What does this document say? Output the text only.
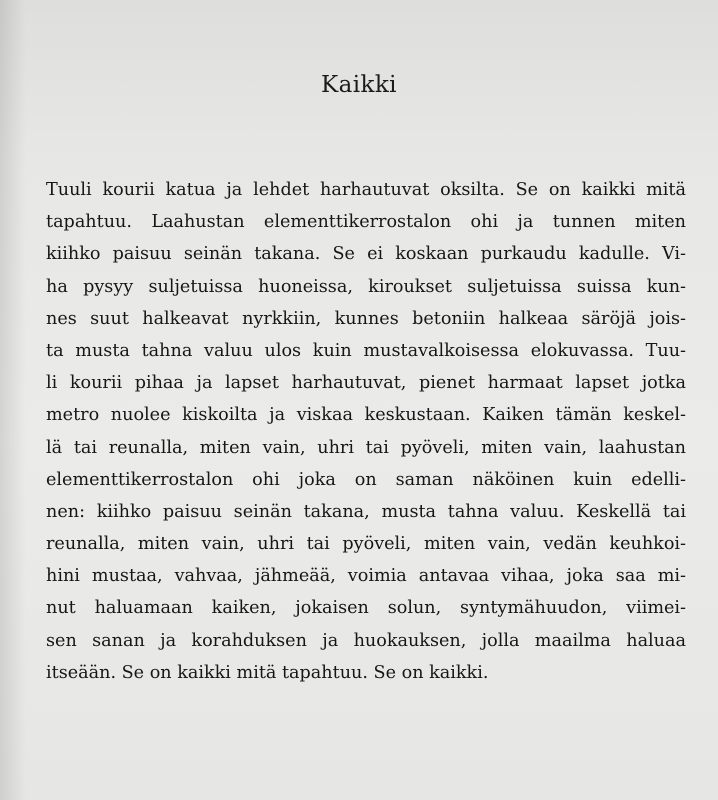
Kaikki
Tuuli kourii katua ja lehdet harhautuvat oksilta. Se on kaikki mitä
tapahtuu. Laahustan elementtikerrostalon ohi ja tunnen miten
kiihko paisuu seinän takana. Se ei koskaan purkaudu kadulle. Vi-
ha pysyy suljetuissa huoneissa, kiroukset suljetuissa suissa kun-
nes suut halkeavat nyrkkiin, kunnes betoniin halkeaa säröjä jois-
ta musta tahna valuu ulos kuin mustavalkoisessa elokuvassa. Tuu-
li kourii pihaa ja lapset harhautuvat, pienet harmaat lapset jotka
metro nuolee kiskoilta ja viskaa keskustaan. Kaiken tämän keskel-
lä tai reunalla, miten vain, uhri tai pyöveli, miten vain, laahustan
elementtikerrostalon ohi joka on saman näköinen kuin edelli-
nen: kiihko paisuu seinän takana, musta tahna valuu. Keskellä tai
reunalla, miten vain, uhri tai pyöveli, miten vain, vedän keuhkoi-
hini mustaa, vahvaa, jähmeää, voimia antavaa vihaa, joka saa mi-
nut haluamaan kaiken, jokaisen solun, syntymähuudon, viimei-
sen sanan ja korahduksen ja huokauksen, jolla maailma haluaa
itseään. Se on kaikki mitä tapahtuu. Se on kaikki.
